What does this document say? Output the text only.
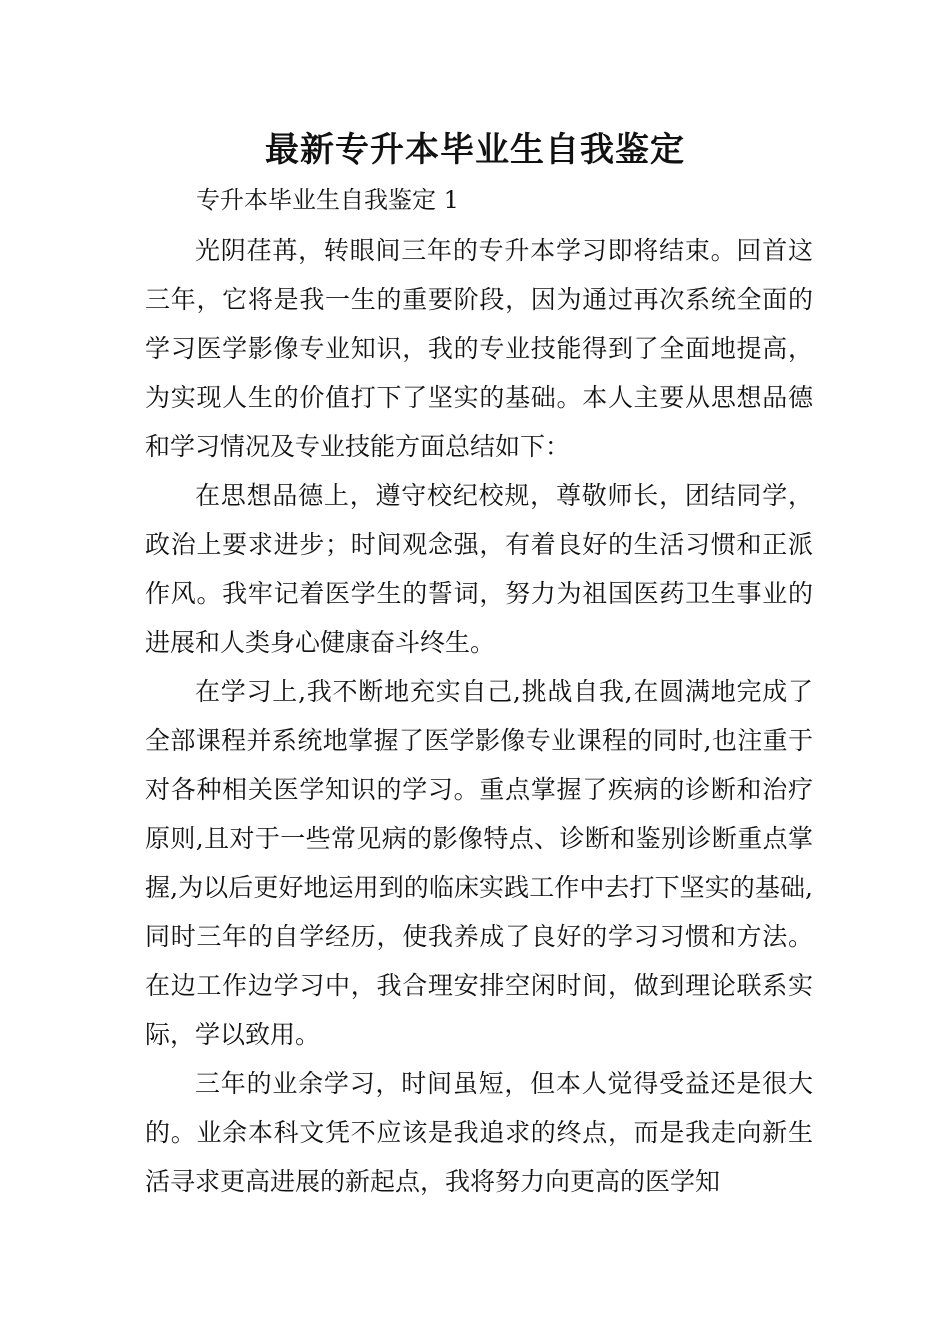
最新专升本毕业生自我鉴定

专升本毕业生自我鉴定 1

光阴荏苒，转眼间三年的专升本学习即将结束。回首这三年，它将是我一生的重要阶段，因为通过再次系统全面的学习医学影像专业知识，我的专业技能得到了全面地提高，为实现人生的价值打下了坚实的基础。本人主要从思想品德和学习情况及专业技能方面总结如下：

在思想品德上，遵守校纪校规，尊敬师长，团结同学，政治上要求进步；时间观念强，有着良好的生活习惯和正派作风。我牢记着医学生的誓词，努力为祖国医药卫生事业的进展和人类身心健康奋斗终生。

在学习上,我不断地充实自己,挑战自我,在圆满地完成了全部课程并系统地掌握了医学影像专业课程的同时,也注重于对各种相关医学知识的学习。重点掌握了疾病的诊断和治疗原则,且对于一些常见病的影像特点、诊断和鉴别诊断重点掌握,为以后更好地运用到的临床实践工作中去打下坚实的基础,同时三年的自学经历，使我养成了良好的学习习惯和方法。在边工作边学习中，我合理安排空闲时间，做到理论联系实际，学以致用。

三年的业余学习，时间虽短，但本人觉得受益还是很大的。业余本科文凭不应该是我追求的终点，而是我走向新生活寻求更高进展的新起点，我将努力向更高的医学知
